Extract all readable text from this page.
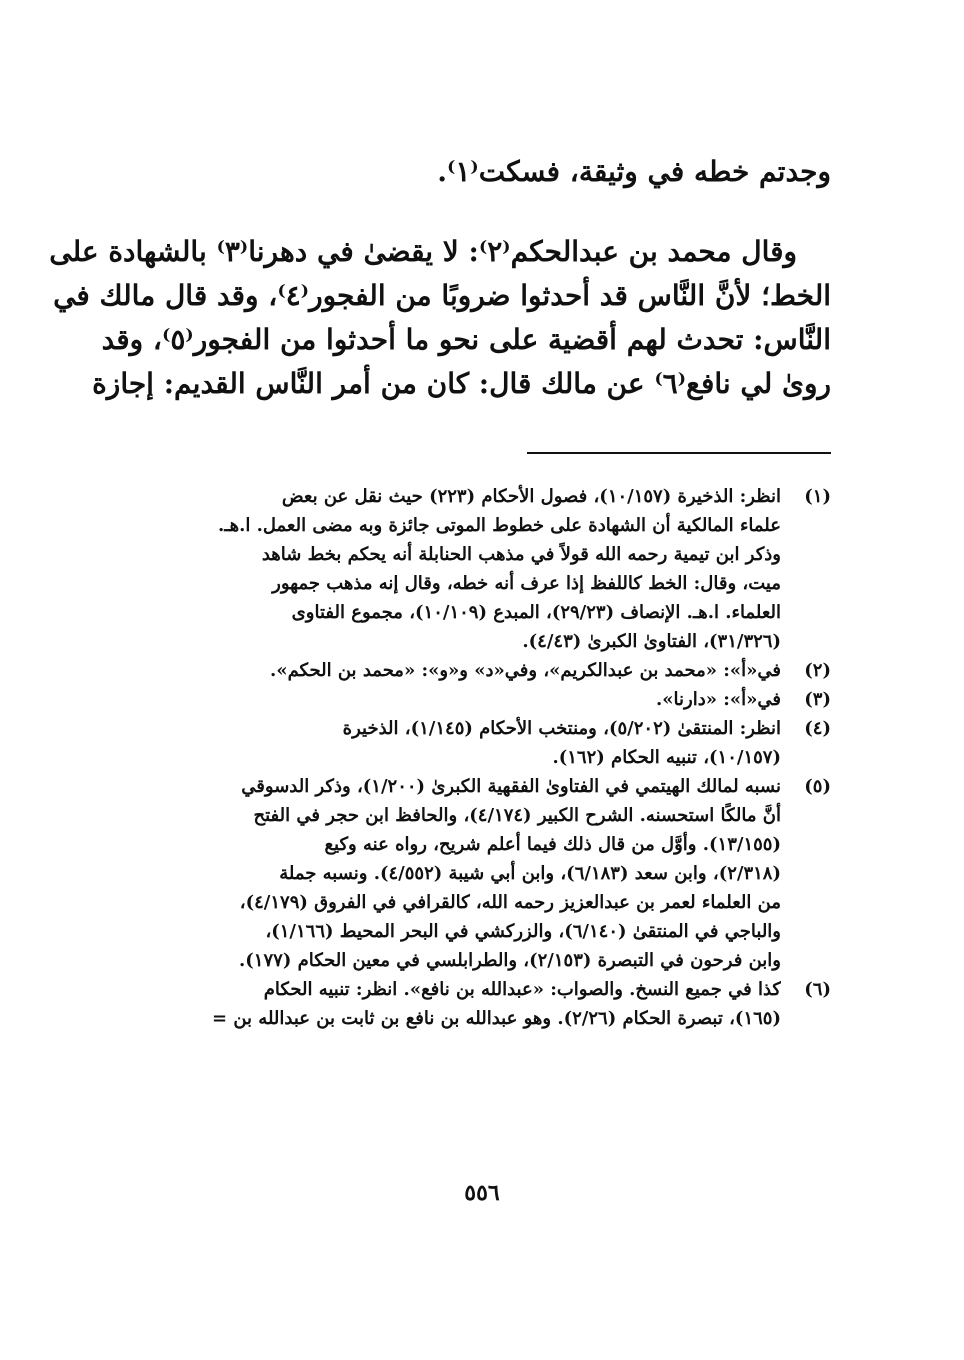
وجدتم خطه في وثيقة، فسكت⁽١⁾.
وقال محمد بن عبدالحكم⁽٢⁾: لا يقضىٰ في دهرنا⁽٣⁾ بالشهادة على
الخط؛ لأنَّ النَّاس قد أحدثوا ضروبًا من الفجور⁽٤⁾، وقد قال مالك في
النَّاس: تحدث لهم أقضية على نحو ما أحدثوا من الفجور⁽٥⁾، وقد
رویٰ لي نافع⁽٦⁾ عن مالك قال: كان من أمر النَّاس القديم: إجازة
(١)
انظر: الذخيرة (١٠/١٥٧)، فصول الأحكام (٢٢٣) حيث نقل عن بعض
علماء المالكية أن الشهادة على خطوط الموتى جائزة وبه مضى العمل. ا.هـ.
وذكر ابن تيمية رحمه الله قولاً في مذهب الحنابلة أنه يحكم بخط شاهد
ميت، وقال: الخط كاللفظ إذا عرف أنه خطه، وقال إنه مذهب جمهور
العلماء. ا.هـ. الإنصاف (٢٩/٢٣)، المبدع (١٠/١٠٩)، مجموع الفتاوى
(٣١/٣٢٦)، الفتاوىٰ الكبرىٰ (٤/٤٣).
(٢)
في«أ»: «محمد بن عبدالكريم»، وفي«د» و«و»: «محمد بن الحكم».
(٣)
في«أ»: «دارنا».
(٤)
انظر: المنتقىٰ (٥/٢٠٢)، ومنتخب الأحكام (١/١٤٥)، الذخيرة
(١٠/١٥٧)، تنبيه الحكام (١٦٢).
(٥)
نسبه لمالك الهيتمي في الفتاوىٰ الفقهية الكبرىٰ (١/٢٠٠)، وذكر الدسوقي
أنَّ مالكًا استحسنه. الشرح الكبير (٤/١٧٤)، والحافظ ابن حجر في الفتح
(١٣/١٥٥). وأوَّل من قال ذلك فيما أعلم شريح، رواه عنه وكيع
(٢/٣١٨)، وابن سعد (٦/١٨٣)، وابن أبي شيبة (٤/٥٥٢). ونسبه جملة
من العلماء لعمر بن عبدالعزيز رحمه الله، كالقرافي في الفروق (٤/١٧٩)،
والباجي في المنتقىٰ (٦/١٤٠)، والزركشي في البحر المحيط (١/١٦٦)،
وابن فرحون في التبصرة (٢/١٥٣)، والطرابلسي في معين الحكام (١٧٧).
(٦)
كذا في جميع النسخ. والصواب: «عبدالله بن نافع». انظر: تنبيه الحكام
(١٦٥)، تبصرة الحكام (٢/٢٦). وهو عبدالله بن نافع بن ثابت بن عبدالله بن =
٥٥٦
